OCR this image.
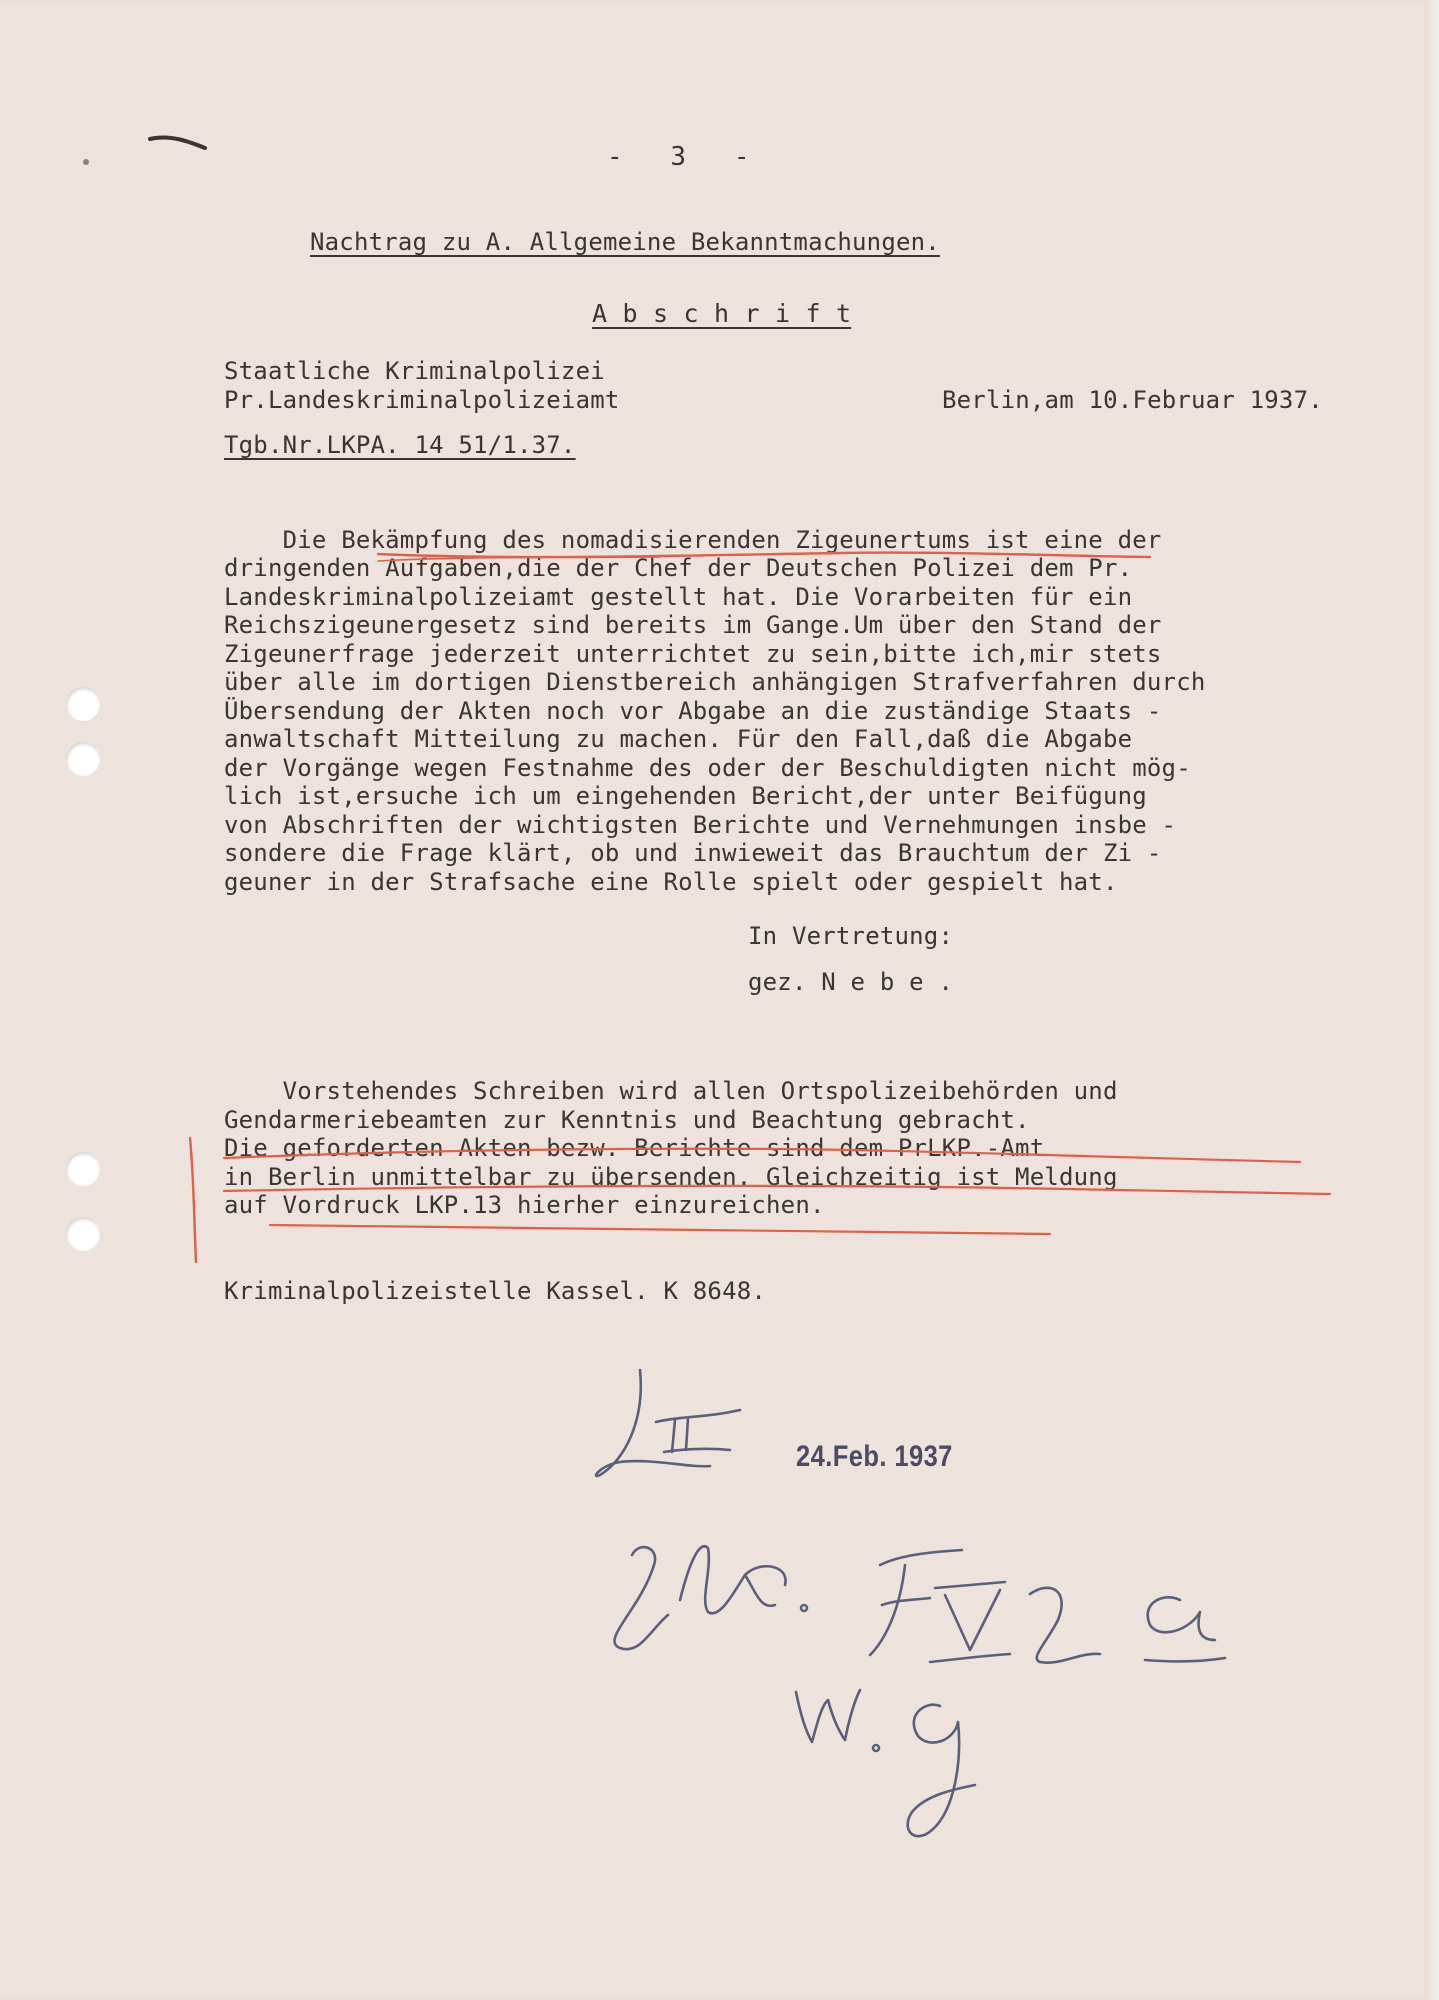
-   3   -

Nachtrag zu A. Allgemeine Bekanntmachungen.

A b s c h r i f t

Staatliche Kriminalpolizei

Pr.Landeskriminalpolizeiamt	Berlin,am 10.Februar 1937.

Tgb.Nr.LKPA. 14 51/1.37.

Die Bekämpfung des nomadisierenden Zigeunertums ist eine der

dringenden Aufgaben,die der Chef der Deutschen Polizei dem Pr.

Landeskriminalpolizeiamt gestellt hat. Die Vorarbeiten für ein

Reichszigeunergesetz sind bereits im Gange.Um über den Stand der

Zigeunerfrage jederzeit unterrichtet zu sein,bitte ich,mir stets

über alle im dortigen Dienstbereich anhängigen Strafverfahren durch

Übersendung der Akten noch vor Abgabe an die zuständige Staats -

anwaltschaft Mitteilung zu machen. Für den Fall,daß die Abgabe

der Vorgänge wegen Festnahme des oder der Beschuldigten nicht mög-

lich ist,ersuche ich um eingehenden Bericht,der unter Beifügung

von Abschriften der wichtigsten Berichte und Vernehmungen insbe -

sondere die Frage klärt, ob und inwieweit das Brauchtum der Zi -

geuner in der Strafsache eine Rolle spielt oder gespielt hat.

In Vertretung:

gez. N e b e .

Vorstehendes Schreiben wird allen Ortspolizeibehörden und

Gendarmeriebeamten zur Kenntnis und Beachtung gebracht.

Die geforderten Akten bezw. Berichte sind dem PrLKP.-Amt

in Berlin unmittelbar zu übersenden. Gleichzeitig ist Meldung

auf Vordruck LKP.13 hierher einzureichen.

Kriminalpolizeistelle Kassel. K 8648.

24.Feb. 1937
